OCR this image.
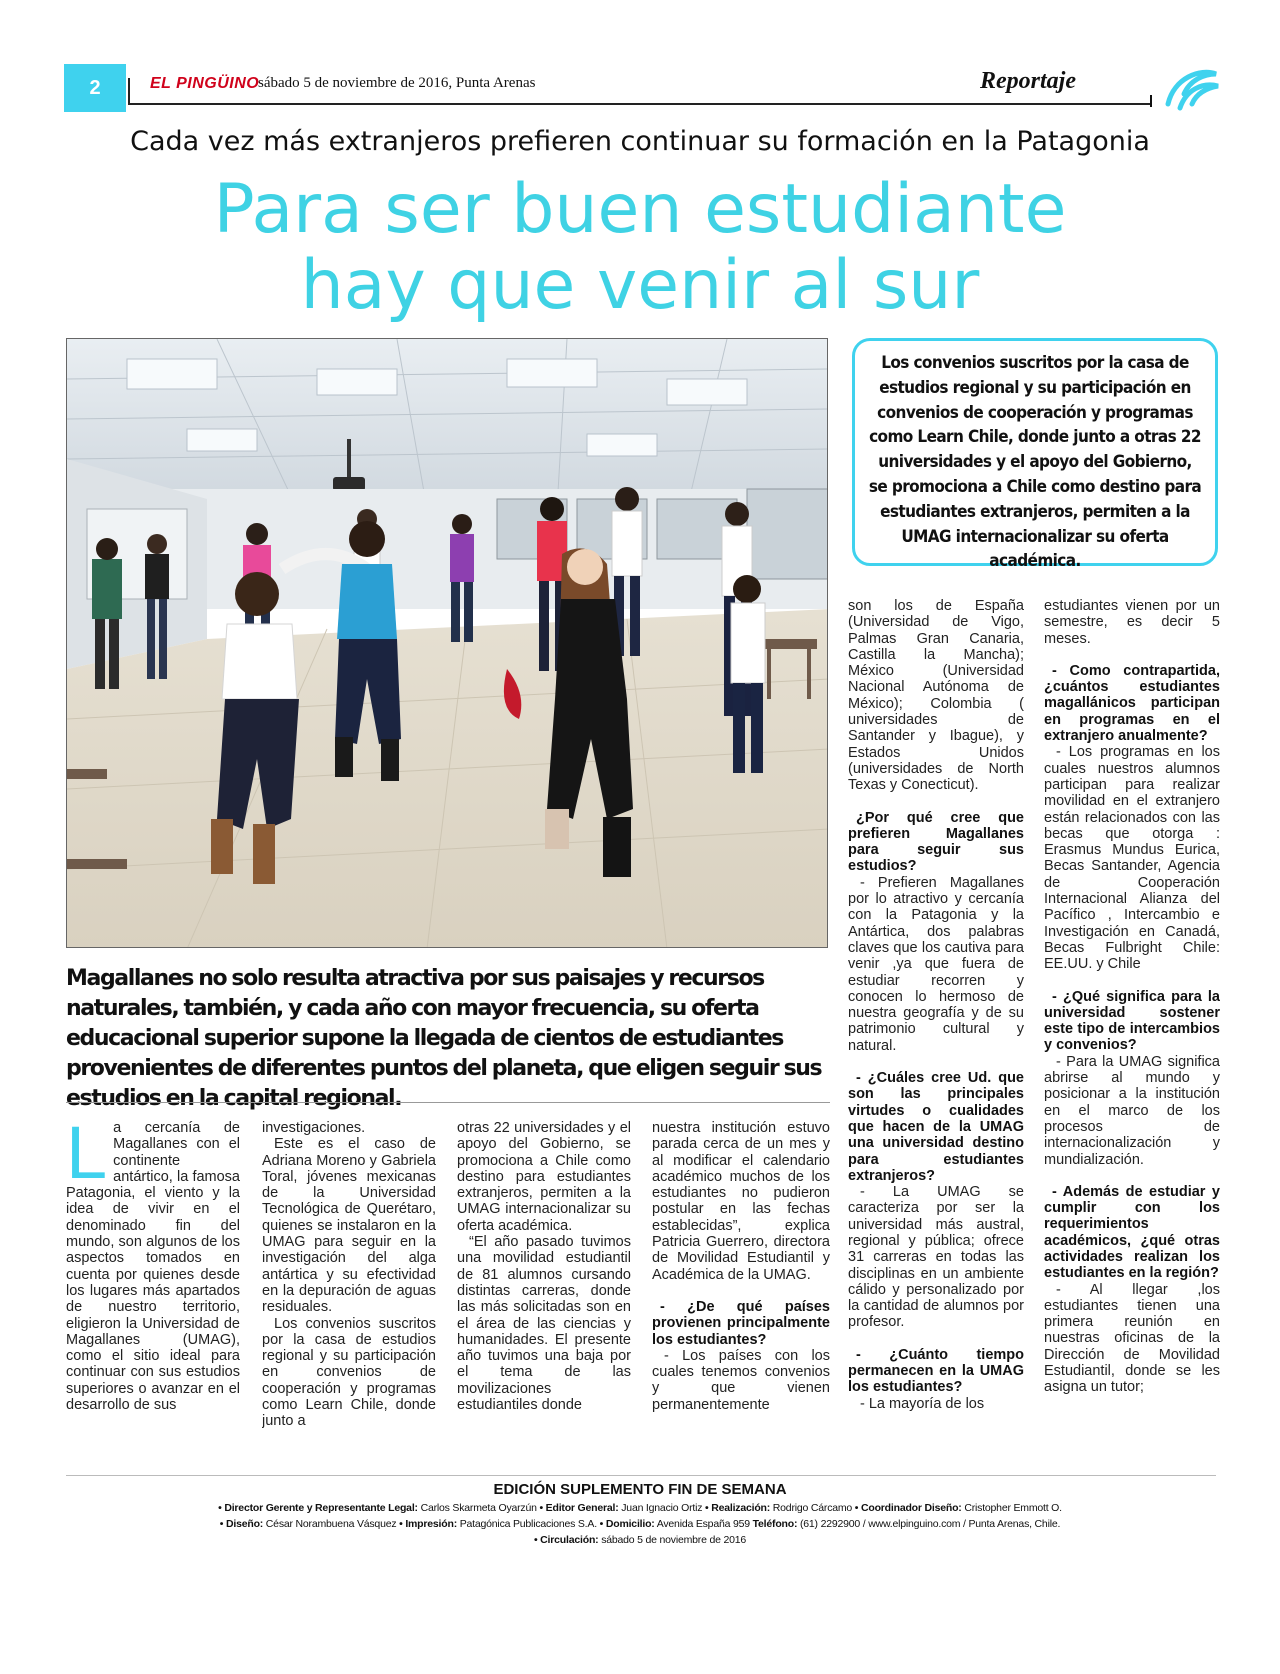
2	EL PINGÜINO
sábado 5 de noviembre de 2016, Punta Arenas	Reportaje
Cada vez más extranjeros prefieren continuar su formación en la Patagonia
Para ser buen estudiante
hay que venir al sur
Los convenios suscritos por la casa de estudios regional y su participación en convenios de cooperación y programas como Learn Chile, donde junto a otras 22 universidades y el apoyo del Gobierno, se promociona a Chile como destino para estudiantes extranjeros, permiten a la UMAG internacionalizar su oferta académica.
Magallanes no solo resulta atractiva por sus paisajes y recursos naturales, también, y cada año con mayor frecuencia, su oferta educacional superior supone la llegada de cientos de estudiantes provenientes de diferentes puntos del planeta, que eligen seguir sus estudios en la capital regional.
L a cercanía de Magallanes con el continente antártico, la famosa Patagonia, el viento y la idea de vivir en el denominado fin del mundo, son algunos de los aspectos tomados en cuenta por quienes desde los lugares más apartados de nuestro territorio, eligieron la Universidad de Magallanes (UMAG), como el sitio ideal para continuar con sus estudios superiores o avanzar en el desarrollo de sus

investigaciones.

Este es el caso de Adriana Moreno y Gabriela Toral, jóvenes mexicanas de la Universidad Tecnológica de Querétaro, quienes se instalaron en la UMAG para seguir en la investigación del alga antártica y su efectividad en la depuración de aguas residuales.

Los convenios suscritos por la casa de estudios regional y su participación en convenios de cooperación y programas como Learn Chile, donde junto a

otras 22 universidades y el apoyo del Gobierno, se promociona a Chile como destino para estudiantes extranjeros, permiten a la UMAG internacionalizar su oferta académica.

“El año pasado tuvimos una movilidad estudiantil de 81 alumnos cursando distintas carreras, donde las más solicitadas son en el área de las ciencias y humanidades. El presente año tuvimos una baja por el tema de las movilizaciones estudiantiles donde

nuestra institución estuvo parada cerca de un mes y al modificar el calendario académico muchos de los estudiantes no pudieron postular en las fechas establecidas”, explica Patricia Guerrero, directora de Movilidad Estudiantil y Académica de la UMAG.

- ¿De qué países provienen principalmente los estudiantes?

- Los países con los cuales tenemos convenios y que vienen permanentemente

son los de España (Universidad de Vigo, Palmas Gran Canaria, Castilla la Mancha); México (Universidad Nacional Autónoma de México); Colombia ( universidades de Santander y Ibague), y Estados Unidos (universidades de North Texas y Conecticut).

¿Por qué cree que prefieren Magallanes para seguir sus estudios?

- Prefieren Magallanes por lo atractivo y cercanía con la Patagonia y la Antártica, dos palabras claves que los cautiva para venir ,ya que fuera de estudiar recorren y conocen lo hermoso de nuestra geografía y de su patrimonio cultural y natural.

- ¿Cuáles cree Ud. que son las principales virtudes o cualidades que hacen de la UMAG una universidad destino para estudiantes extranjeros?

- La UMAG se caracteriza por ser la universidad más austral, regional y pública; ofrece 31 carreras en todas las disciplinas en un ambiente cálido y personalizado por la cantidad de alumnos por profesor.

- ¿Cuánto tiempo permanecen en la UMAG los estudiantes?

- La mayoría de los

estudiantes vienen por un semestre, es decir 5 meses.

- Como contrapartida, ¿cuántos estudiantes magallánicos participan en programas en el extranjero anualmente?

- Los programas en los cuales nuestros alumnos participan para realizar movilidad en el extranjero están relacionados con las becas que otorga : Erasmus Mundus Eurica, Becas Santander, Agencia de Cooperación Internacional Alianza del Pacífico , Intercambio e Investigación en Canadá, Becas Fulbright Chile: EE.UU. y Chile

- ¿Qué significa para la universidad sostener este tipo de intercambios y convenios?

- Para la UMAG significa abrirse al mundo y posicionar a la institución en el marco de los procesos de internacionalización y mundialización.

- Además de estudiar y cumplir con los requerimientos académicos, ¿qué otras actividades realizan los estudiantes en la región?

- Al llegar ,los estudiantes tienen una primera reunión en nuestras oficinas de la Dirección de Movilidad Estudiantil, donde se les asigna un tutor;

EDICIÓN SUPLEMENTO FIN DE SEMANA
• Director Gerente y Representante Legal: Carlos Skarmeta Oyarzún • Editor General: Juan Ignacio Ortiz • Realización: Rodrigo Cárcamo • Coordinador Diseño: Cristopher Emmott O.
• Diseño: César Norambuena Vásquez • Impresión: Patagónica Publicaciones S.A. • Domicilio: Avenida España 959 Teléfono: (61) 2292900 / www.elpinguino.com / Punta Arenas, Chile.
• Circulación: sábado 5 de noviembre de 2016
